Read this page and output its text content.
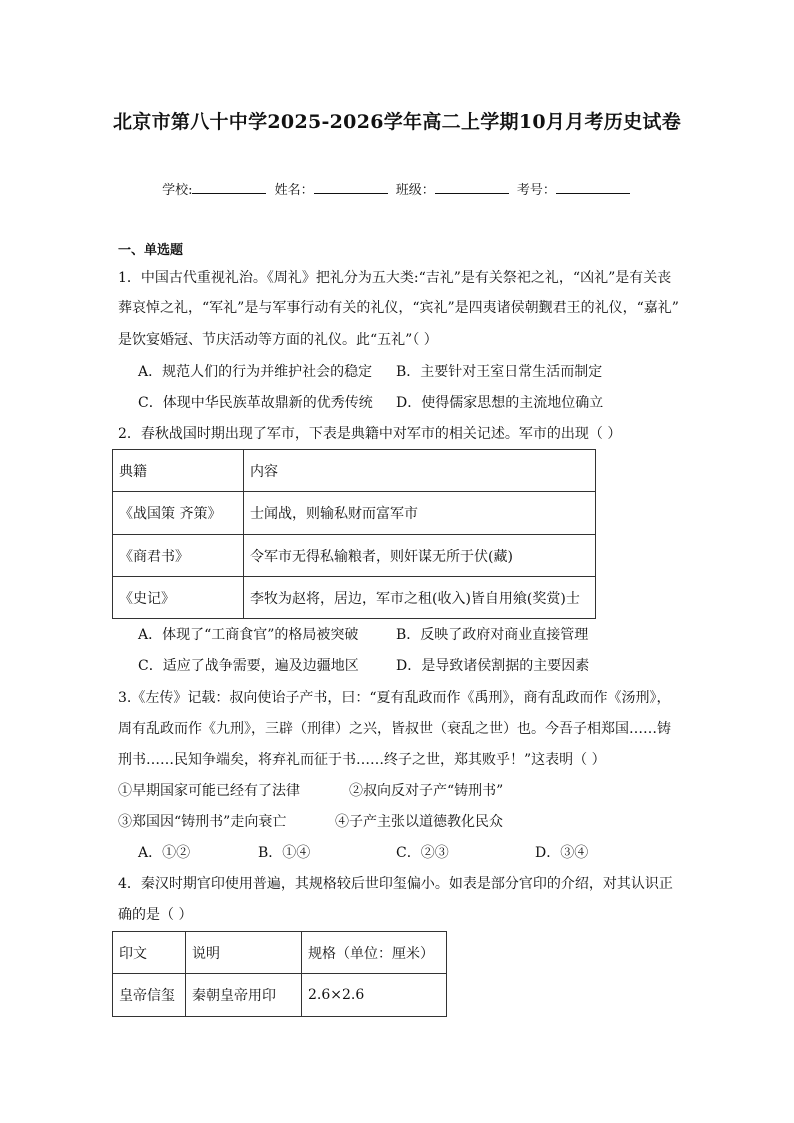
北京市第八十中学2025-2026学年高二上学期10月月考历史试卷
学校:	姓名：	班级：	考号：
一、单选题
1．中国古代重视礼治。《周礼》把礼分为五大类:“吉礼”是有关祭祀之礼，“凶礼”是有关丧
葬哀悼之礼，“军礼”是与军事行动有关的礼仪，“宾礼”是四夷诸侯朝觐君王的礼仪，“嘉礼”
是饮宴婚冠、节庆活动等方面的礼仪。此“五礼”（ ）
A．规范人们的行为并维护社会的稳定 B．主要针对王室日常生活而制定
C．体现中华民族革故鼎新的优秀传统 D．使得儒家思想的主流地位确立
2．春秋战国时期出现了军市，下表是典籍中对军市的相关记述。军市的出现（ ）
典籍	内容
《战国策 齐策》	士闻战，则输私财而富军市
《商君书》	令军市无得私输粮者，则奸谋无所于伏(藏)
《史记》	李牧为赵将，居边，军市之租(收入)皆自用飨(奖赏)士
A．体现了“工商食官”的格局被突破	B．反映了政府对商业直接管理
C．适应了战争需要，遍及边疆地区	D．是导致诸侯割据的主要因素
3.《左传》记载：叔向使诒子产书，曰：“夏有乱政而作《禹刑》，商有乱政而作《汤刑》，
周有乱政而作《九刑》，三辟（刑律）之兴，皆叔世（衰乱之世）也。今吾子相郑国……铸
刑书……民知争端矣，将弃礼而征于书……终子之世，郑其败乎！”这表明（ ）
①早期国家可能已经有了法律	②叔向反对子产“铸刑书”
③郑国因“铸刑书”走向衰亡	④子产主张以道德教化民众
A．①②	B．①④	C．②③	D．③④
4．秦汉时期官印使用普遍，其规格较后世印玺偏小。如表是部分官印的介绍，对其认识正
确的是（ ）
印文	说明	规格（单位：厘米）
皇帝信玺	秦朝皇帝用印	2.6×2.6
